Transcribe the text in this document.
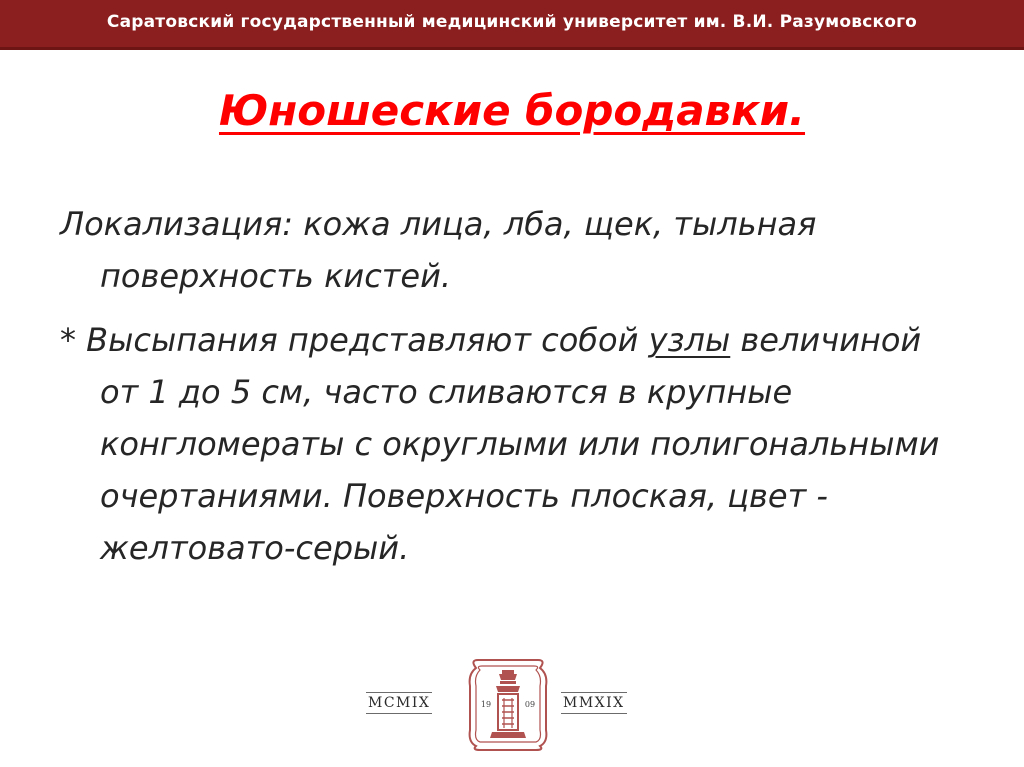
Саратовский государственный медицинский университет им. В.И. Разумовского
Юношеские бородавки.

Локализация: кожа лица, лба, щек, тыльная поверхность кистей.

* Высыпания представляют собой узлы величиной от 1 до 5 см, часто сливаются в крупные конгломераты с округлыми или полигональными очертаниями. Поверхность плоская, цвет - желтовато-серый.

MCMIX	19	09 MMXIX
